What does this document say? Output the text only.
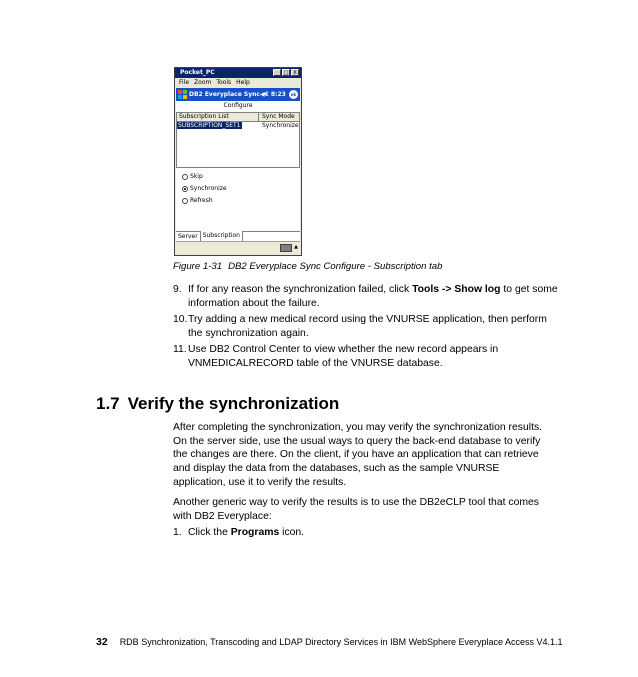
Pocket_PC	_	□ X
File Zoom Tools Help
DB2 Everyplace Sync ◀€ 8:23	ok
Configure
Subscription List	Sync Mode
SUBSCRIPTION_SET1	Synchronize
Skip
Synchronize
Refresh
Server Subscription
▲
Figure 1-31 DB2 Everyplace Sync Configure - Subscription tab
9. If for any reason the synchronization failed, click Tools -> Show log to get some information about the failure.
10. Try adding a new medical record using the VNURSE application, then perform the synchronization again.
11. Use DB2 Control Center to view whether the new record appears in VNMEDICALRECORD table of the VNURSE database.
1.7 Verify the synchronization
After completing the synchronization, you may verify the synchronization results. On the server side, use the usual ways to query the back-end database to verify the changes are there. On the client, if you have an application that can retrieve and display the data from the databases, such as the sample VNURSE application, use it to verify the results.
Another generic way to verify the results is to use the DB2eCLP tool that comes with DB2 Everyplace:
1. Click the Programs icon.
32 RDB Synchronization, Transcoding and LDAP Directory Services in IBM WebSphere Everyplace Access V4.1.1
